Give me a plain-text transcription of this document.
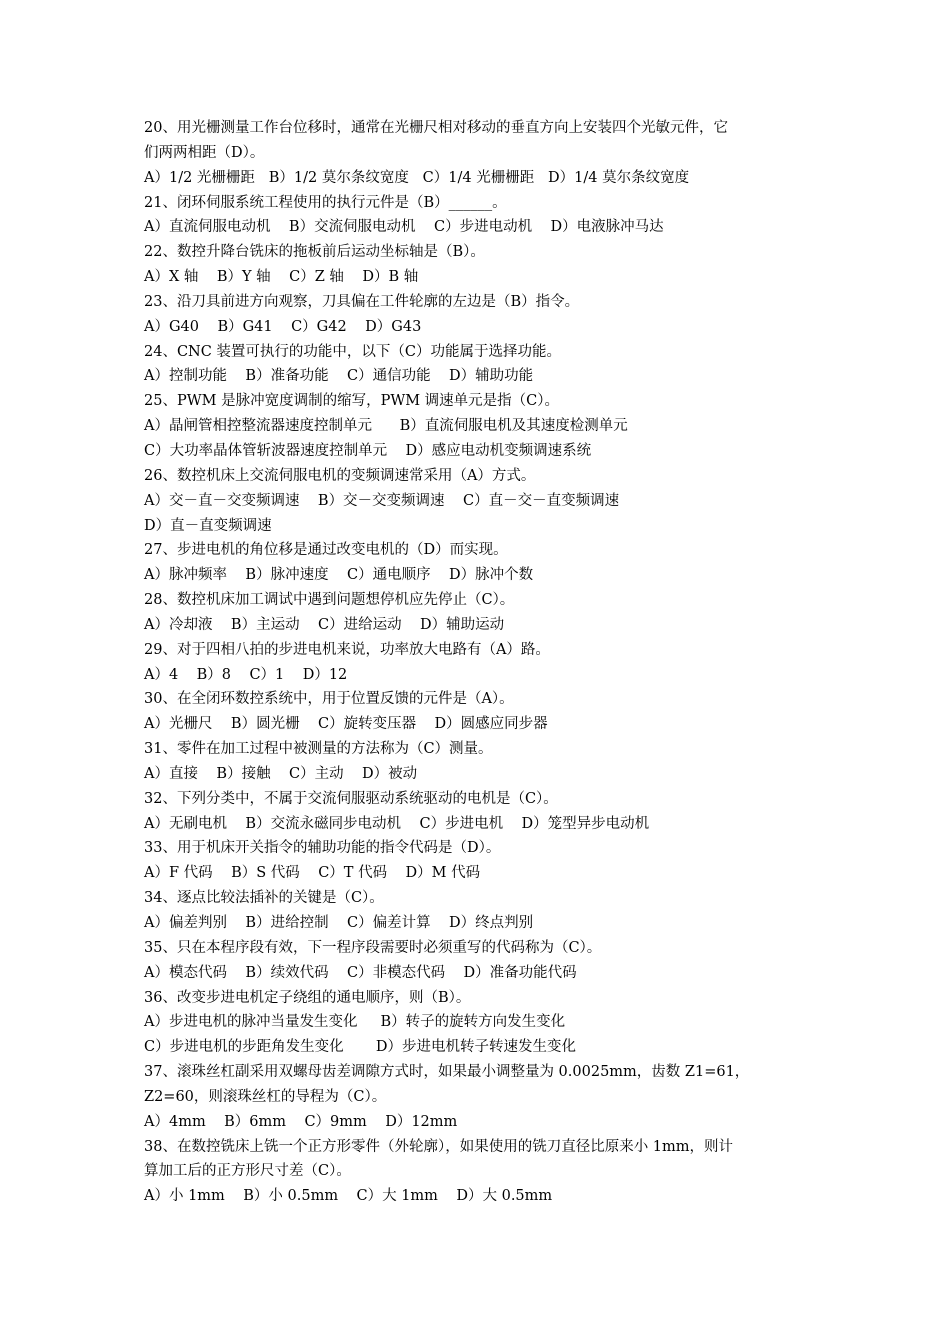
20、用光栅测量工作台位移时，通常在光栅尺相对移动的垂直方向上安装四个光敏元件，它
们两两相距（D）。
A）1/2 光栅栅距   B）1/2 莫尔条纹宽度   C）1/4 光栅栅距   D）1/4 莫尔条纹宽度
21、闭环伺服系统工程使用的执行元件是（B）______。
A）直流伺服电动机    B）交流伺服电动机    C）步进电动机    D）电液脉冲马达
22、数控升降台铣床的拖板前后运动坐标轴是（B）。
A）X 轴    B）Y 轴    C）Z 轴    D）B 轴
23、沿刀具前进方向观察，刀具偏在工件轮廓的左边是（B）指令。
A）G40    B）G41    C）G42    D）G43
24、CNC 装置可执行的功能中，以下（C）功能属于选择功能。
A）控制功能    B）准备功能    C）通信功能    D）辅助功能
25、PWM 是脉冲宽度调制的缩写，PWM 调速单元是指（C）。
A）晶闸管相控整流器速度控制单元      B）直流伺服电机及其速度检测单元
C）大功率晶体管斩波器速度控制单元    D）感应电动机变频调速系统
26、数控机床上交流伺服电机的变频调速常采用（A）方式。
A）交－直－交变频调速    B）交－交变频调速    C）直－交－直变频调速
D）直－直变频调速
27、步进电机的角位移是通过改变电机的（D）而实现。
A）脉冲频率    B）脉冲速度    C）通电顺序    D）脉冲个数
28、数控机床加工调试中遇到问题想停机应先停止（C）。
A）冷却液    B）主运动    C）进给运动    D）辅助运动
29、对于四相八拍的步进电机来说，功率放大电路有（A）路。
A）4    B）8    C）1    D）12
30、在全闭环数控系统中，用于位置反馈的元件是（A）。
A）光栅尺    B）圆光栅    C）旋转变压器    D）圆感应同步器
31、零件在加工过程中被测量的方法称为（C）测量。
A）直接    B）接触    C）主动    D）被动
32、下列分类中，不属于交流伺服驱动系统驱动的电机是（C）。
A）无刷电机    B）交流永磁同步电动机    C）步进电机    D）笼型异步电动机
33、用于机床开关指令的辅助功能的指令代码是（D）。
A）F 代码    B）S 代码    C）T 代码    D）M 代码
34、逐点比较法插补的关键是（C）。
A）偏差判别    B）进给控制    C）偏差计算    D）终点判别
35、只在本程序段有效，下一程序段需要时必须重写的代码称为（C）。
A）模态代码    B）续效代码    C）非模态代码    D）准备功能代码
36、改变步进电机定子绕组的通电顺序，则（B）。
A）步进电机的脉冲当量发生变化     B）转子的旋转方向发生变化
C）步进电机的步距角发生变化       D）步进电机转子转速发生变化
37、滚珠丝杠副采用双螺母齿差调隙方式时，如果最小调整量为 0.0025mm，齿数 Z1=61，
Z2=60，则滚珠丝杠的导程为（C）。
A）4mm    B）6mm    C）9mm    D）12mm
38、在数控铣床上铣一个正方形零件（外轮廓），如果使用的铣刀直径比原来小 1mm，则计
算加工后的正方形尺寸差（C）。
A）小 1mm    B）小 0.5mm    C）大 1mm    D）大 0.5mm
